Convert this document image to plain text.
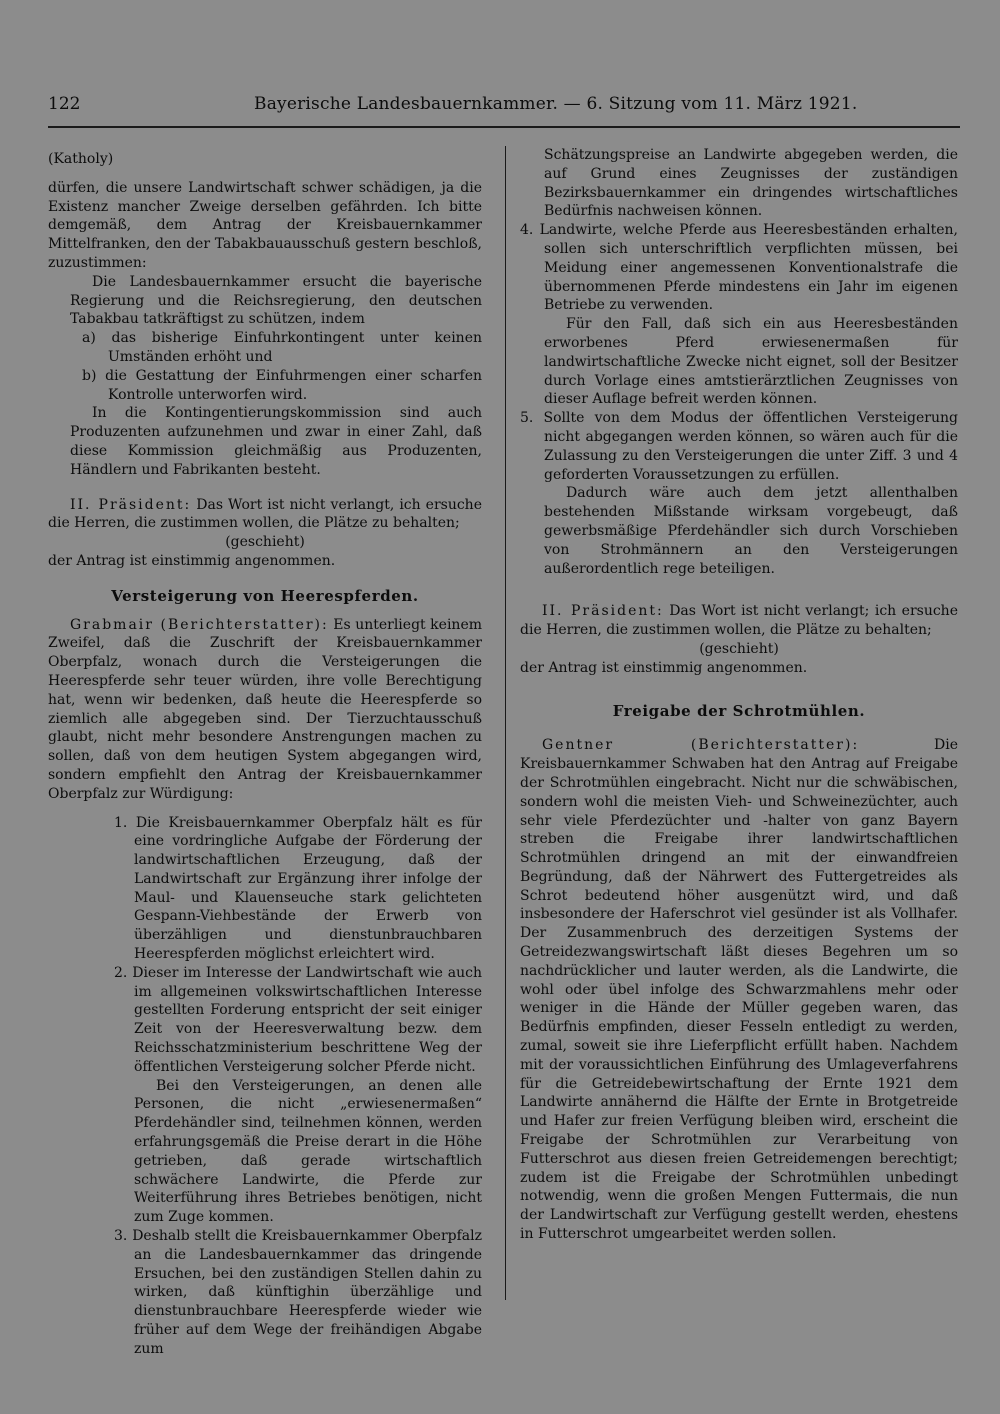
122	Bayerische Landesbauernkammer. — 6. Sitzung vom 11. März 1921.

(Katholy)

dürfen, die unsere Landwirtschaft schwer schädigen, ja die Existenz mancher Zweige derselben gefährden. Ich bitte demgemäß, dem Antrag der Kreisbauernkammer Mittelfranken, den der Tabakbauausschuß gestern beschloß, zuzustimmen:

Die Landesbauernkammer ersucht die bayerische Regierung und die Reichsregierung, den deutschen Tabakbau tatkräftigst zu schützen, indem

a) das bisherige Einfuhrkontingent unter keinen Umständen erhöht und

b) die Gestattung der Einfuhrmengen einer scharfen Kontrolle unterworfen wird.

In die Kontingentierungskommission sind auch Produzenten aufzunehmen und zwar in einer Zahl, daß diese Kommission gleichmäßig aus Produzenten, Händlern und Fabrikanten besteht.

II. Präsident: Das Wort ist nicht verlangt, ich ersuche die Herren, die zustimmen wollen, die Plätze zu behalten;

(geschieht)

der Antrag ist einstimmig angenommen.

Versteigerung von Heerespferden.

Grabmair (Berichterstatter): Es unterliegt keinem Zweifel, daß die Zuschrift der Kreisbauernkammer Oberpfalz, wonach durch die Versteigerungen die Heerespferde sehr teuer würden, ihre volle Berechtigung hat, wenn wir bedenken, daß heute die Heerespferde so ziemlich alle abgegeben sind. Der Tierzuchtausschuß glaubt, nicht mehr besondere Anstrengungen machen zu sollen, daß von dem heutigen System abgegangen wird, sondern empfiehlt den Antrag der Kreisbauernkammer Oberpfalz zur Würdigung:

1. Die Kreisbauernkammer Oberpfalz hält es für eine vordringliche Aufgabe der Förderung der landwirtschaftlichen Erzeugung, daß der Landwirtschaft zur Ergänzung ihrer infolge der Maul- und Klauenseuche stark gelichteten Gespann-Viehbestände der Erwerb von überzähligen und dienstunbrauchbaren Heerespferden möglichst erleichtert wird.

2. Dieser im Interesse der Landwirtschaft wie auch im allgemeinen volkswirtschaftlichen Interesse gestellten Forderung entspricht der seit einiger Zeit von der Heeresverwaltung bezw. dem Reichsschatzministerium beschrittene Weg der öffentlichen Versteigerung solcher Pferde nicht.

Bei den Versteigerungen, an denen alle Personen, die nicht „erwiesenermaßen“ Pferdehändler sind, teilnehmen können, werden erfahrungsgemäß die Preise derart in die Höhe getrieben, daß gerade wirtschaftlich schwächere Landwirte, die Pferde zur Weiterführung ihres Betriebes benötigen, nicht zum Zuge kommen.

3. Deshalb stellt die Kreisbauernkammer Oberpfalz an die Landesbauernkammer das dringende Ersuchen, bei den zuständigen Stellen dahin zu wirken, daß künftighin überzählige und dienstunbrauchbare Heerespferde wieder wie früher auf dem Wege der freihändigen Abgabe zum

Schätzungspreise an Landwirte abgegeben werden, die auf Grund eines Zeugnisses der zuständigen Bezirksbauernkammer ein dringendes wirtschaftliches Bedürfnis nachweisen können.

4. Landwirte, welche Pferde aus Heeresbeständen erhalten, sollen sich unterschriftlich verpflichten müssen, bei Meidung einer angemessenen Konventionalstrafe die übernommenen Pferde mindestens ein Jahr im eigenen Betriebe zu verwenden.

Für den Fall, daß sich ein aus Heeresbeständen erworbenes Pferd erwiesenermaßen für landwirtschaftliche Zwecke nicht eignet, soll der Besitzer durch Vorlage eines amtstierärztlichen Zeugnisses von dieser Auflage befreit werden können.

5. Sollte von dem Modus der öffentlichen Versteigerung nicht abgegangen werden können, so wären auch für die Zulassung zu den Versteigerungen die unter Ziff. 3 und 4 geforderten Voraussetzungen zu erfüllen.

Dadurch wäre auch dem jetzt allenthalben bestehenden Mißstande wirksam vorgebeugt, daß gewerbsmäßige Pferdehändler sich durch Vorschieben von Strohmännern an den Versteigerungen außerordentlich rege beteiligen.

II. Präsident: Das Wort ist nicht verlangt; ich ersuche die Herren, die zustimmen wollen, die Plätze zu behalten;

(geschieht)

der Antrag ist einstimmig angenommen.

Freigabe der Schrotmühlen.

Gentner (Berichterstatter):	Die Kreisbauernkammer Schwaben hat den Antrag auf Freigabe der Schrotmühlen eingebracht. Nicht nur die schwäbischen, sondern wohl die meisten Vieh- und Schweinezüchter, auch sehr viele Pferdezüchter und -halter von ganz Bayern streben die Freigabe ihrer landwirtschaftlichen Schrotmühlen dringend an mit der einwandfreien Begründung, daß der Nährwert des Futtergetreides als Schrot bedeutend höher ausgenützt wird, und daß insbesondere der Haferschrot viel gesünder ist als Vollhafer. Der Zusammenbruch des derzeitigen Systems der Getreidezwangswirtschaft läßt dieses Begehren um so nachdrücklicher und lauter werden, als die Landwirte, die wohl oder übel infolge des Schwarzmahlens mehr oder weniger in die Hände der Müller gegeben waren, das Bedürfnis empfinden, dieser Fesseln entledigt zu werden, zumal, soweit sie ihre Lieferpflicht erfüllt haben. Nachdem mit der voraussichtlichen Einführung des Umlageverfahrens für die Getreidebewirtschaftung der Ernte 1921 dem Landwirte annähernd die Hälfte der Ernte in Brotgetreide und Hafer zur freien Verfügung bleiben wird, erscheint die Freigabe der Schrotmühlen zur Verarbeitung von Futterschrot aus diesen freien Getreidemengen berechtigt; zudem ist die Freigabe der Schrotmühlen unbedingt notwendig, wenn die großen Mengen Futtermais, die nun der Landwirtschaft zur Verfügung gestellt werden, ehestens in Futterschrot umgearbeitet werden sollen.
